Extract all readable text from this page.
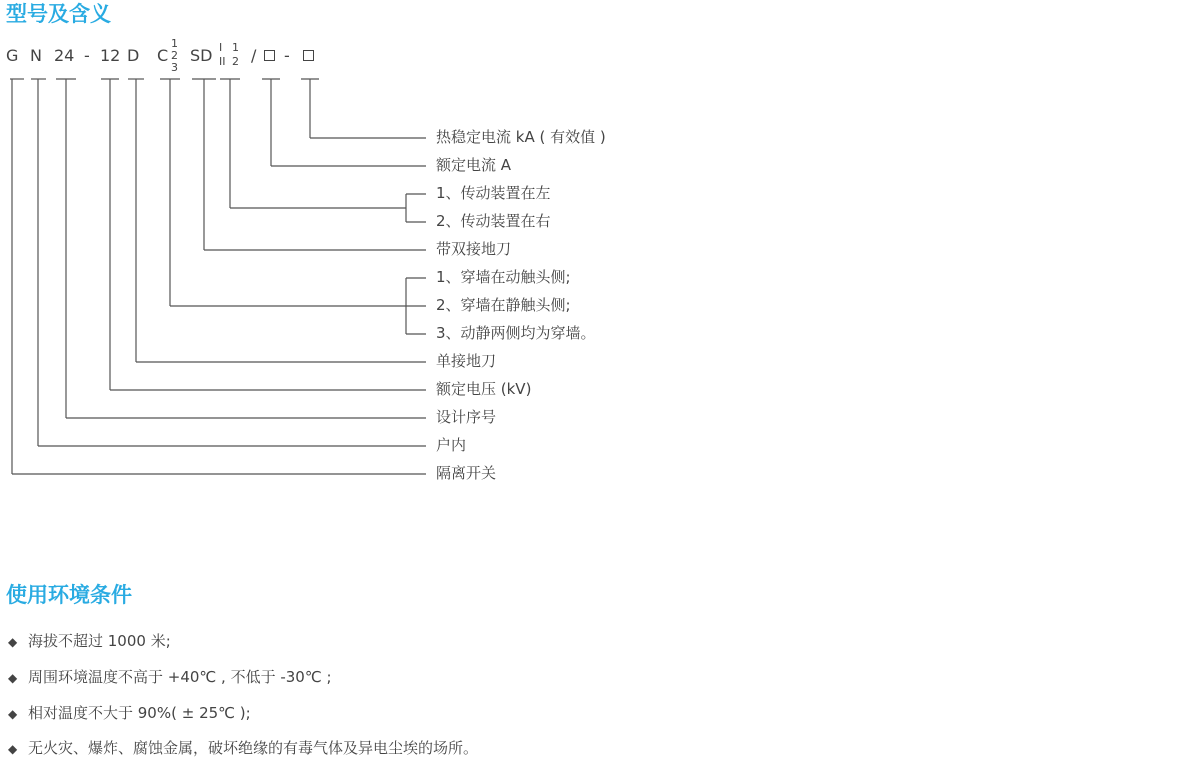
型号及含义
G N 24 - 12 D C
1
2
3
SD I
II
1
2 / -
热稳定电流 kA ( 有效值 )
额定电流 A
1、传动装置在左
2、传动装置在右
带双接地刀
1、穿墙在动触头侧;
2、穿墙在静触头侧;
3、动静两侧均为穿墙。
单接地刀
额定电压 (kV)
设计序号
户内
隔离开关
使用环境条件
◆ 海拔不超过 1000 米;
◆ 周围环境温度不高于 +40℃ , 不低于 -30℃ ;
◆ 相对温度不大于 90%( ± 25℃ );
◆ 无火灾、爆炸、腐蚀金属，破坏绝缘的有毒气体及异电尘埃的场所。
